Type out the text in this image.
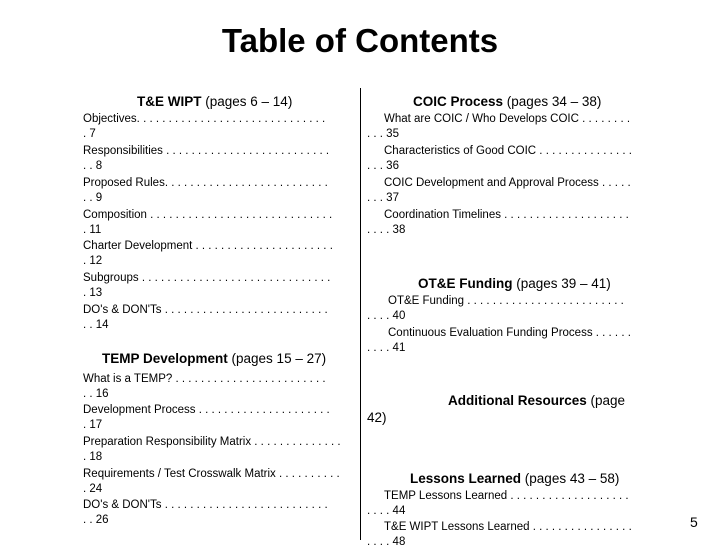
Table of Contents
T&E WIPT (pages 6 – 14)
Objectives. . . . . . . . . . . . . . . . . . . . . . . . . . . . . .
. 7
Responsibilities . . . . . . . . . . . . . . . . . . . . . . . . . .
. . 8
Proposed Rules. . . . . . . . . . . . . . . . . . . . . . . . . .
. . 9
Composition . . . . . . . . . . . . . . . . . . . . . . . . . . . . .
. 11
Charter Development . . . . . . . . . . . . . . . . . . . . . .
. 12
Subgroups . . . . . . . . . . . . . . . . . . . . . . . . . . . . . .
. 13
DO's & DON'Ts . . . . . . . . . . . . . . . . . . . . . . . . . .
. . 14
TEMP Development (pages 15 – 27)
What is a TEMP? . . . . . . . . . . . . . . . . . . . . . . . .
. . 16
Development Process . . . . . . . . . . . . . . . . . . . . .
. 17
Preparation Responsibility Matrix . . . . . . . . . . . . . .
. 18
Requirements / Test Crosswalk Matrix . . . . . . . . . .
. 24
DO's & DON'Ts . . . . . . . . . . . . . . . . . . . . . . . . . .
. . 26
COIC Process (pages 34 – 38)
What are COIC / Who Develops COIC . . . . . . . .
. . . 35
Characteristics of Good COIC . . . . . . . . . . . . . . .
. . . 36
COIC Development and Approval Process . . . . .
. . . 37
Coordination Timelines . . . . . . . . . . . . . . . . . . . .
. . . . 38
OT&E Funding (pages 39 – 41)
OT&E Funding . . . . . . . . . . . . . . . . . . . . . . . . .
. . . . 40
Continuous Evaluation Funding Process . . . . . .
. . . . 41
Additional Resources (page
42)
Lessons Learned (pages 43 – 58)
TEMP Lessons Learned . . . . . . . . . . . . . . . . . . .
. . . . 44
T&E WIPT Lessons Learned . . . . . . . . . . . . . . . .
. . . . 48
5
